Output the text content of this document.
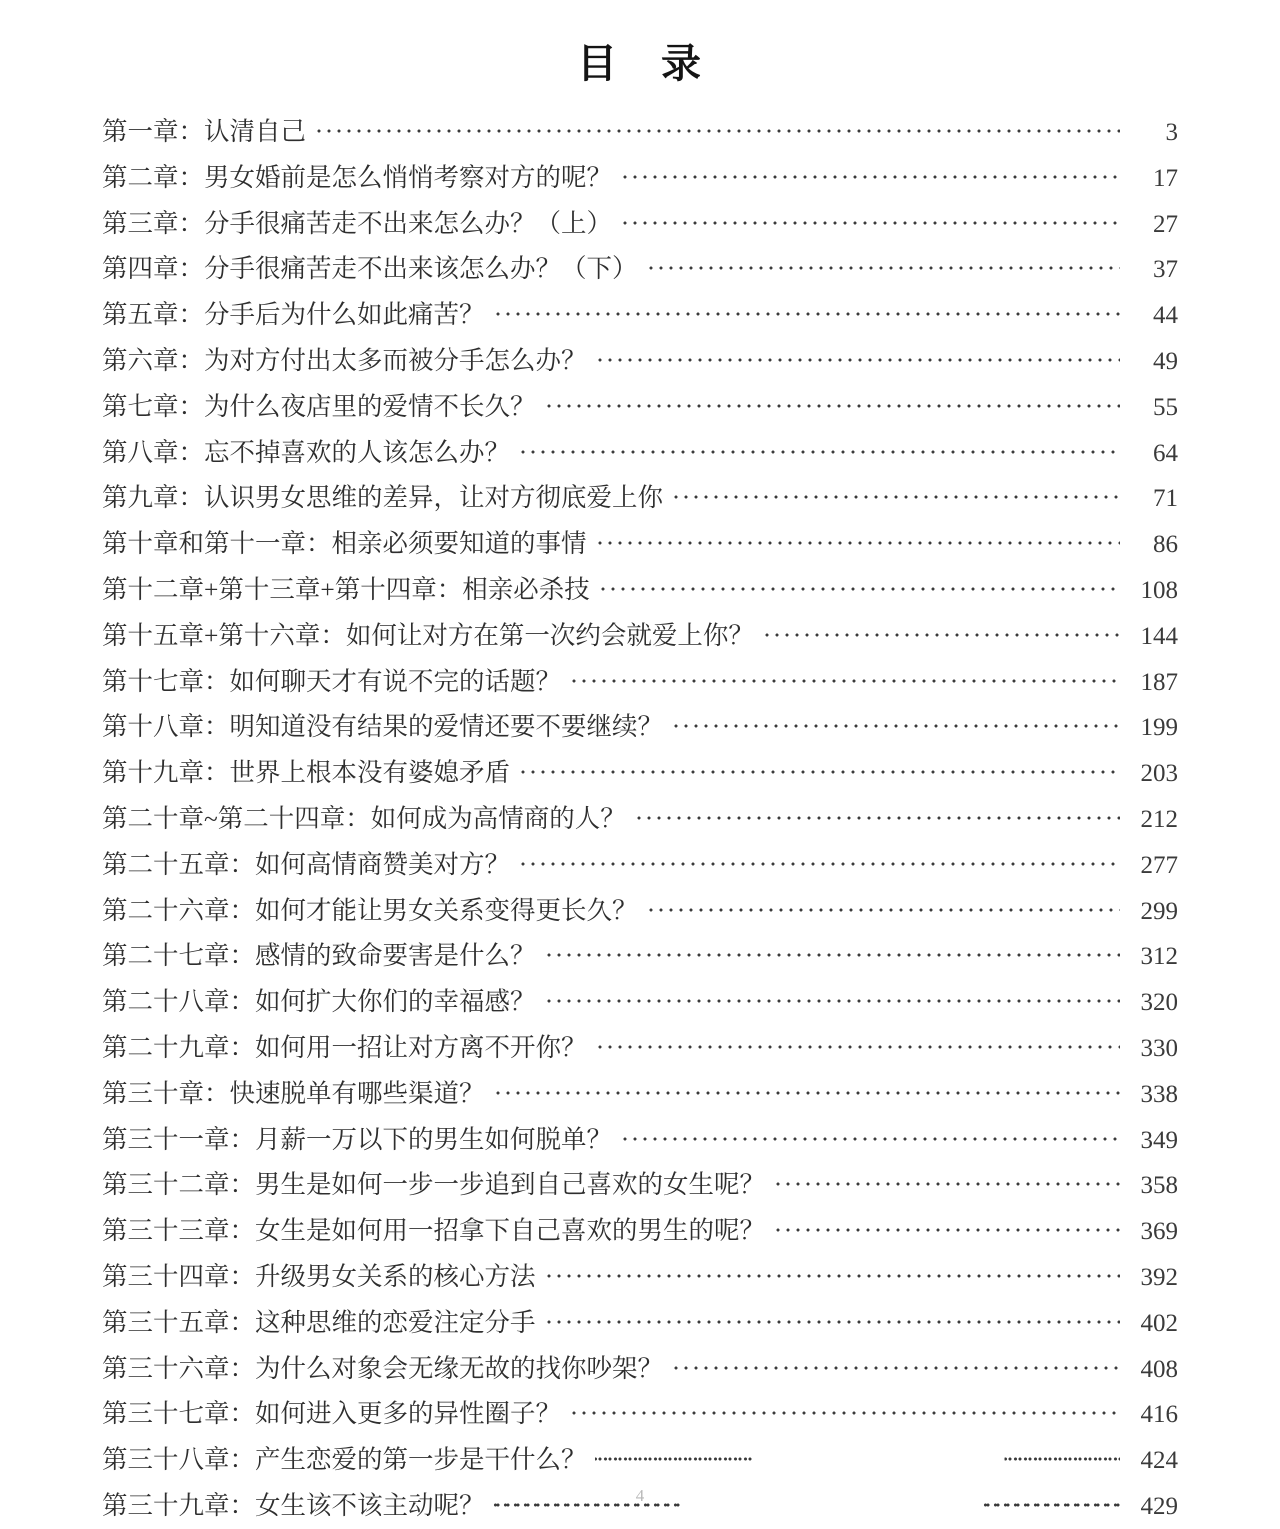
目　录
第一章：认清自己	3
第二章：男女婚前是怎么悄悄考察对方的呢？	17
第三章：分手很痛苦走不出来怎么办？（上）	27
第四章：分手很痛苦走不出来该怎么办？（下）	37
第五章：分手后为什么如此痛苦？	44
第六章：为对方付出太多而被分手怎么办？	49
第七章：为什么夜店里的爱情不长久？	55
第八章：忘不掉喜欢的人该怎么办？	64
第九章：认识男女思维的差异，让对方彻底爱上你	71
第十章和第十一章：相亲必须要知道的事情	86
第十二章+第十三章+第十四章：相亲必杀技	108
第十五章+第十六章：如何让对方在第一次约会就爱上你？	144
第十七章：如何聊天才有说不完的话题？	187
第十八章：明知道没有结果的爱情还要不要继续？	199
第十九章：世界上根本没有婆媳矛盾	203
第二十章~第二十四章：如何成为高情商的人？	212
第二十五章：如何高情商赞美对方？	277
第二十六章：如何才能让男女关系变得更长久？	299
第二十七章：感情的致命要害是什么？	312
第二十八章：如何扩大你们的幸福感？	320
第二十九章：如何用一招让对方离不开你？	330
第三十章：快速脱单有哪些渠道？	338
第三十一章：月薪一万以下的男生如何脱单？	349
第三十二章：男生是如何一步一步追到自己喜欢的女生呢？	358
第三十三章：女生是如何用一招拿下自己喜欢的男生的呢？	369
第三十四章：升级男女关系的核心方法	392
第三十五章：这种思维的恋爱注定分手	402
第三十六章：为什么对象会无缘无故的找你吵架？	408
第三十七章：如何进入更多的异性圈子？	416
第三十八章：产生恋爱的第一步是干什么？	424
第三十九章：女生该不该主动呢？	429
4
